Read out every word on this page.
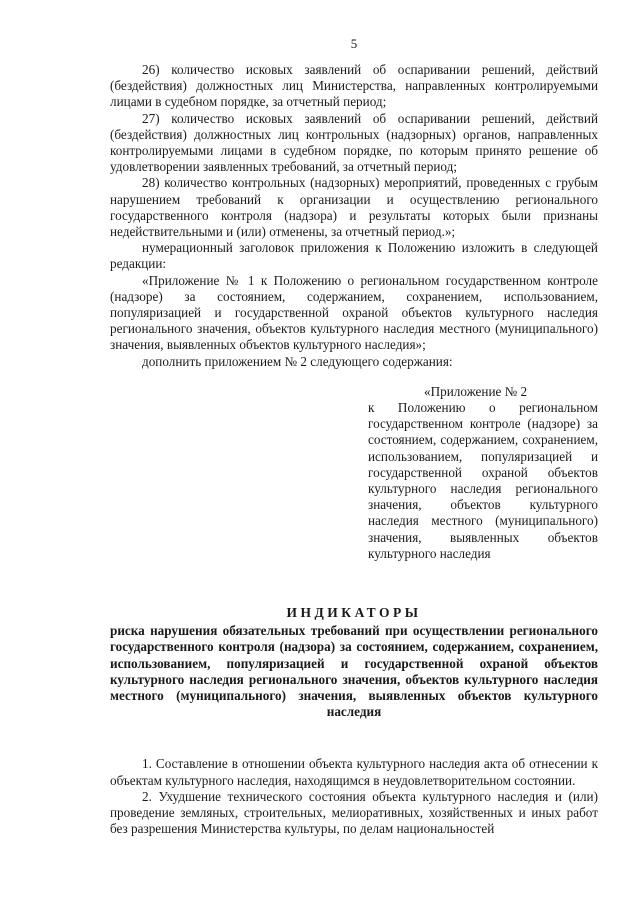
5

26) количество исковых заявлений об оспаривании решений, действий (бездействия) должностных лиц Министерства, направленных контролируемыми лицами в судебном порядке, за отчетный период;

27) количество исковых заявлений об оспаривании решений, действий (бездействия) должностных лиц контрольных (надзорных) органов, направленных контролируемыми лицами в судебном порядке, по которым принято решение об удовлетворении заявленных требований, за отчетный период;

28) количество контрольных (надзорных) мероприятий, проведенных с грубым нарушением требований к организации и осуществлению регионального государственного контроля (надзора) и результаты которых были признаны недействительными и (или) отменены, за отчетный период.»;

нумерационный заголовок приложения к Положению изложить в следующей редакции:

«Приложение № 1 к Положению о региональном государственном контроле (надзоре) за состоянием, содержанием, сохранением, использованием, популяризацией и государственной охраной объектов культурного наследия регионального значения, объектов культурного наследия местного (муниципального) значения, выявленных объектов культурного наследия»;

дополнить приложением № 2 следующего содержания:

«Приложение № 2

к Положению о региональном государственном контроле (надзоре) за состоянием, содержанием, сохранением, использованием, популяризацией и государственной охраной объектов культурного наследия регионального значения, объектов культурного наследия местного (муниципального) значения, выявленных объектов культурного наследия

ИНДИКАТОРЫ

риска нарушения обязательных требований при осуществлении регионального государственного контроля (надзора) за состоянием, содержанием, сохранением, использованием, популяризацией и государственной охраной объектов культурного наследия регионального значения, объектов культурного наследия местного (муниципального) значения, выявленных объектов культурного наследия

1. Составление в отношении объекта культурного наследия акта об отнесении к объектам культурного наследия, находящимся в неудовлетворительном состоянии.

2. Ухудшение технического состояния объекта культурного наследия и (или) проведение земляных, строительных, мелиоративных, хозяйственных и иных работ без разрешения Министерства культуры, по делам национальностей
